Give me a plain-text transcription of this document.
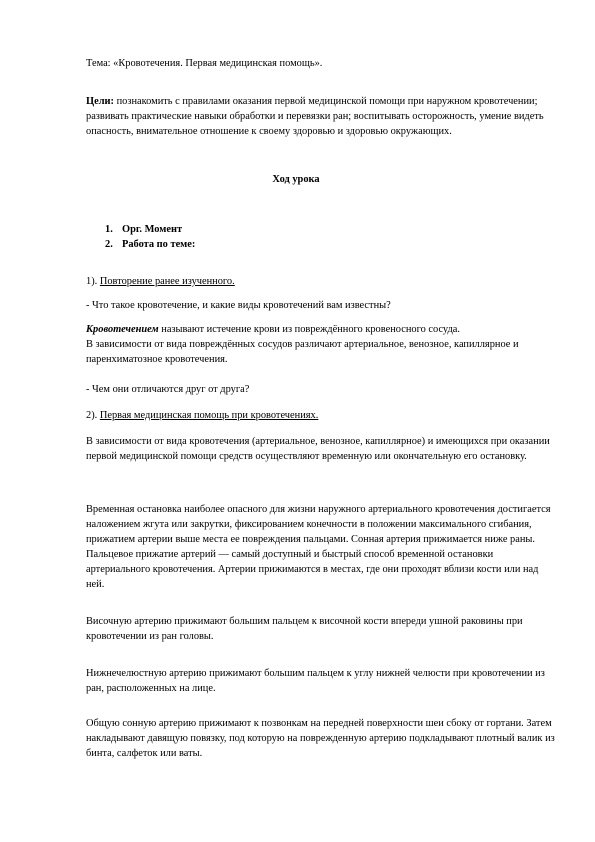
Тема: «Кровотечения. Первая медицинская помощь».

Цели: познакомить с правилами оказания первой медицинской помощи при наружном кровотечении; развивать практические навыки обработки и перевязки ран; воспитывать осторожность, умение видеть опасность, внимательное отношение к своему здоровью и здоровью окружающих.

Ход урока

1. Орг. Момент
2. Работа по теме:

1). Повторение ранее изученного.

- Что такое кровотечение, и какие виды кровотечений вам известны?

Кровотечением называют истечение крови из повреждённого кровеносного сосуда.
В зависимости от вида повреждённых сосудов различают артериальное, венозное, капиллярное и паренхиматозное кровотечения.

- Чем они отличаются друг от друга?

2). Первая медицинская помощь при кровотечениях.

В зависимости от вида кровотечения (артериальное, венозное, капиллярное) и имеющихся при оказании первой медицинской помощи средств осуществляют временную или окончательную его остановку.

Временная остановка наиболее опасного для жизни наружного артериального кровотечения достигается наложением жгута или закрутки, фиксированием конечности в положении максимального сгибания, прижатием артерии выше места ее повреждения пальцами. Сонная артерия прижимается ниже раны. Пальцевое прижатие артерий — самый доступный и быстрый способ временной остановки артериального кровотечения. Артерии прижимаются в местах, где они проходят вблизи кости или над ней.

Височную артерию прижимают большим пальцем к височной кости впереди ушной раковины при кровотечении из ран головы.

Нижнечелюстную артерию прижимают большим пальцем к углу нижней челюсти при кровотечении из ран, расположенных на лице.

Общую сонную артерию прижимают к позвонкам на передней поверхности шеи сбоку от гортани. Затем накладывают давящую повязку, под которую на поврежденную артерию подкладывают плотный валик из бинта, салфеток или ваты.
